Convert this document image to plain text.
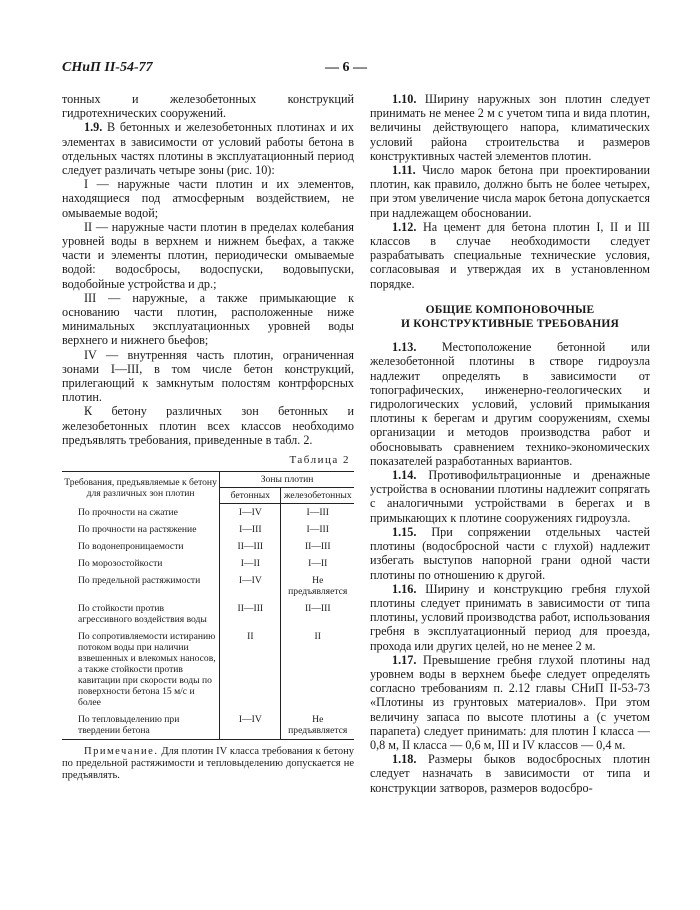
СНиП II-54-77	— 6 —

тонных и железобетонных конструкций гидротехнических сооружений.

1.9. В бетонных и железобетонных плотинах и их элементах в зависимости от условий работы бетона в отдельных частях плотины в эксплуатационный период следует различать четыре зоны (рис. 10):

I — наружные части плотин и их элементов, находящиеся под атмосферным воздействием, не омываемые водой;

II — наружные части плотин в пределах колебания уровней воды в верхнем и нижнем бьефах, а также части и элементы плотин, периодически омываемые водой: водосбросы, водоспуски, водовыпуски, водобойные устройства и др.;

III — наружные, а также примыкающие к основанию части плотин, расположенные ниже минимальных эксплуатационных уровней воды верхнего и нижнего бьефов;

IV — внутренняя часть плотин, ограниченная зонами I—III, в том числе бетон конструкций, прилегающий к замкнутым полостям контрфорсных плотин.

К бетону различных зон бетонных и железобетонных плотин всех классов необходимо предъявлять требования, приведенные в табл. 2.

Таблица 2

Требования, предъявляемые к бетону для различных зон плотин	Зоны плотин	
	бетонных	железобетонных
По прочности на сжатие	I—IV	I—III
По прочности на растяжение	I—III	I—III
По водонепроницаемости	II—III	II—III
По морозостойкости	I—II	I—II
По предельной растяжимости	I—IV	Не предъявляется
По стойкости против агрессивного воздействия воды	II—III	II—III
По сопротивляемости истиранию потоком воды при наличии взвешенных и влекомых наносов, а также стойкости против кавитации при скорости воды по поверхности бетона 15 м/с и более	II	II
По тепловыделению при твердении бетона	I—IV	Не предъявляется

Примечание. Для плотин IV класса требования к бетону по предельной растяжимости и тепловыделению допускается не предъявлять.

1.10. Ширину наружных зон плотин следует принимать не менее 2 м с учетом типа и вида плотин, величины действующего напора, климатических условий района строительства и размеров конструктивных частей элементов плотин.

1.11. Число марок бетона при проектировании плотин, как правило, должно быть не более четырех, при этом увеличение числа марок бетона допускается при надлежащем обосновании.

1.12. На цемент для бетона плотин I, II и III классов в случае необходимости следует разрабатывать специальные технические условия, согласовывая и утверждая их в установленном порядке.

ОБЩИЕ КОМПОНОВОЧНЫЕ
И КОНСТРУКТИВНЫЕ ТРЕБОВАНИЯ

1.13. Местоположение бетонной или железобетонной плотины в створе гидроузла надлежит определять в зависимости от топографических, инженерно-геологических и гидрологических условий, условий примыкания плотины к берегам и другим сооружениям, схемы организации и методов производства работ и обосновывать сравнением технико-экономических показателей разработанных вариантов.

1.14. Противофильтрационные и дренажные устройства в основании плотины надлежит сопрягать с аналогичными устройствами в берегах и в примыкающих к плотине сооружениях гидроузла.

1.15. При сопряжении отдельных частей плотины (водосбросной части с глухой) надлежит избегать выступов напорной грани одной части плотины по отношению к другой.

1.16. Ширину и конструкцию гребня глухой плотины следует принимать в зависимости от типа плотины, условий производства работ, использования гребня в эксплуатационный период для проезда, прохода или других целей, но не менее 2 м.

1.17. Превышение гребня глухой плотины над уровнем воды в верхнем бьефе следует определять согласно требованиям п. 2.12 главы СНиП II-53-73 «Плотины из грунтовых материалов». При этом величину запаса по высоте плотины а (с учетом парапета) следует принимать: для плотин I класса — 0,8 м, II класса — 0,6 м, III и IV классов — 0,4 м.

1.18. Размеры быков водосбросных плотин следует назначать в зависимости от типа и конструкции затворов, размеров водосбро-
